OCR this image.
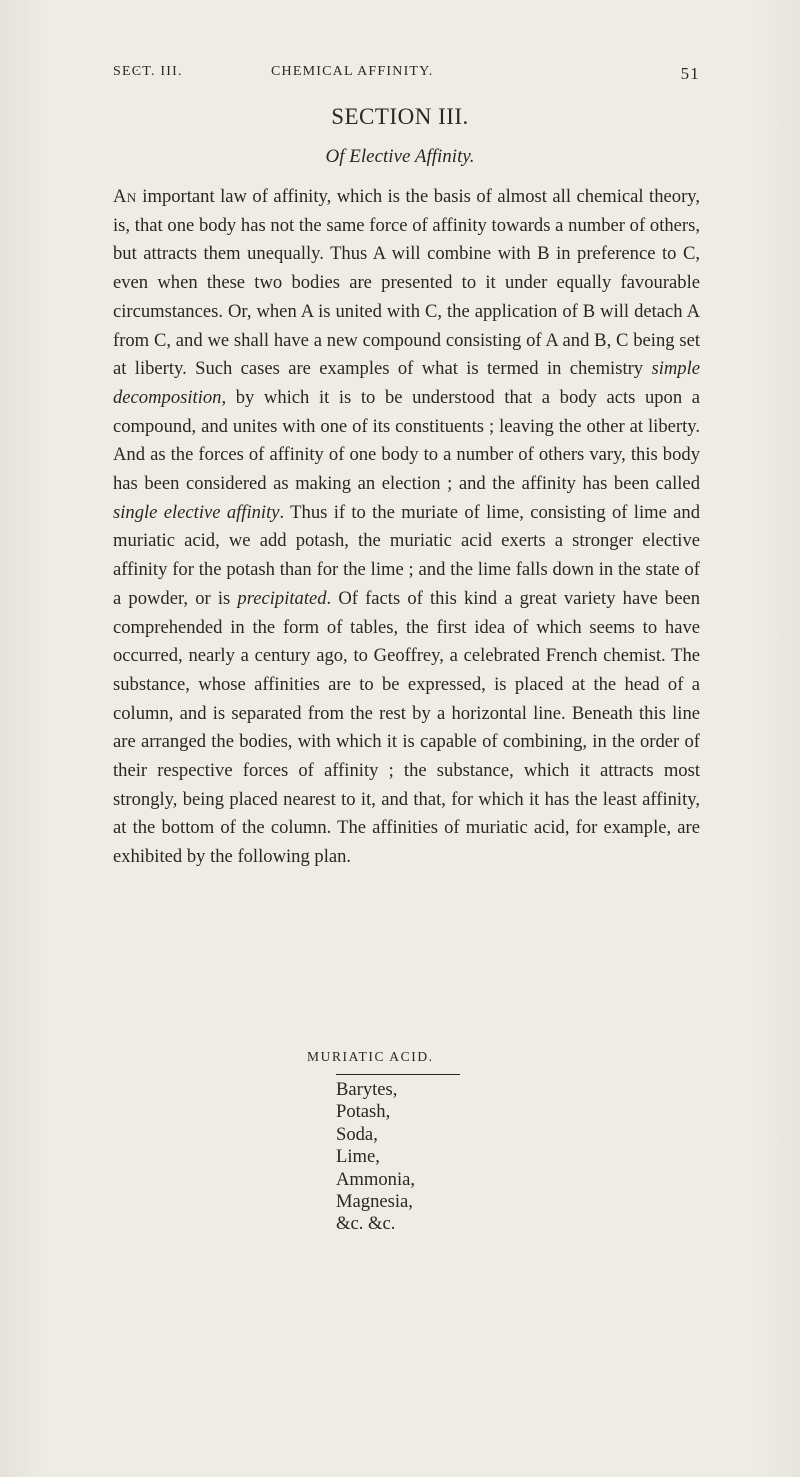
SEϾT. III.	CHEMICAL AFFINITY.	51
SECTION III.
Of Elective Affinity.

An important law of affinity, which is the basis of almost all chemical theory, is, that one body has not the same force of affinity towards a number of others, but attracts them unequally. Thus A will combine with B in preference to C, even when these two bodies are presented to it under equally favourable circumstances. Or, when A is united with C, the application of B will detach A from C, and we shall have a new compound consisting of A and B, C being set at liberty. Such cases are examples of what is termed in chemistry simple decomposition, by which it is to be understood that a body acts upon a compound, and unites with one of its constituents ; leaving the other at liberty. And as the forces of affinity of one body to a number of others vary, this body has been considered as making an election ; and the affinity has been called single elective affinity. Thus if to the muriate of lime, consisting of lime and muriatic acid, we add potash, the muriatic acid exerts a stronger elective affinity for the potash than for the lime ; and the lime falls down in the state of a powder, or is precipitated. Of facts of this kind a great variety have been comprehended in the form of tables, the first idea of which seems to have occurred, nearly a century ago, to Geoffrey, a celebrated French chemist. The substance, whose affinities are to be expressed, is placed at the head of a column, and is separated from the rest by a horizontal line. Beneath this line are arranged the bodies, with which it is capable of combining, in the order of their respective forces of affinity ; the substance, which it attracts most strongly, being placed nearest to it, and that, for which it has the least affinity, at the bottom of the column. The affinities of muriatic acid, for example, are exhibited by the following plan.

MURIATIC ACID.
Barytes,
Potash,
Soda,
Lime,
Ammonia,
Magnesia,
&c. &c.
